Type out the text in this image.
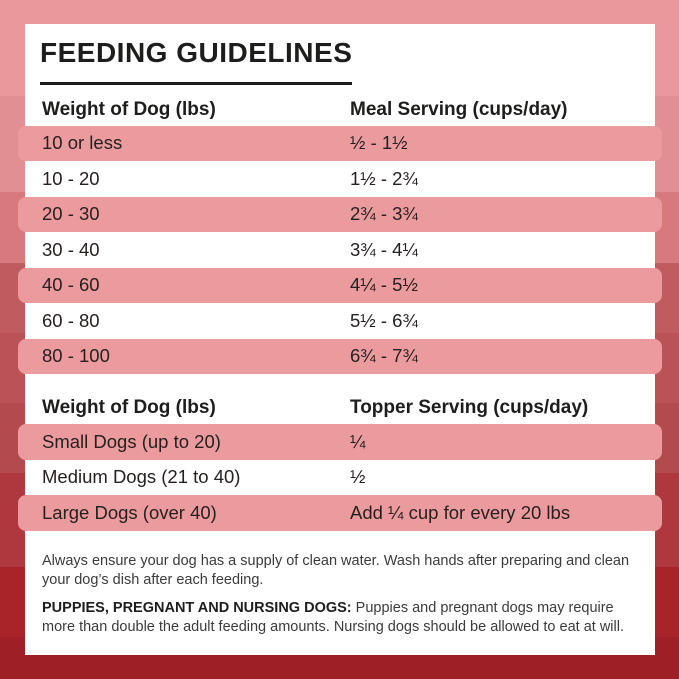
FEEDING GUIDELINES
Weight of Dog (lbs)	Meal Serving (cups/day)
10 or less	½ - 1½
10 - 20	1½ - 2¾
20 - 30	2¾ - 3¾
30 - 40	3¾ - 4¼
40 - 60	4¼ - 5½
60 - 80	5½ - 6¾
80 - 100	6¾ - 7¾
Weight of Dog (lbs)	Topper Serving (cups/day)
Small Dogs (up to 20)	¼
Medium Dogs (21 to 40)	½
Large Dogs (over 40)	Add ¼ cup for every 20 lbs

Always ensure your dog has a supply of clean water. Wash hands after preparing and clean your dog’s dish after each feeding.

PUPPIES, PREGNANT AND NURSING DOGS: Puppies and pregnant dogs may require more than double the adult feeding amounts. Nursing dogs should be allowed to eat at will.
